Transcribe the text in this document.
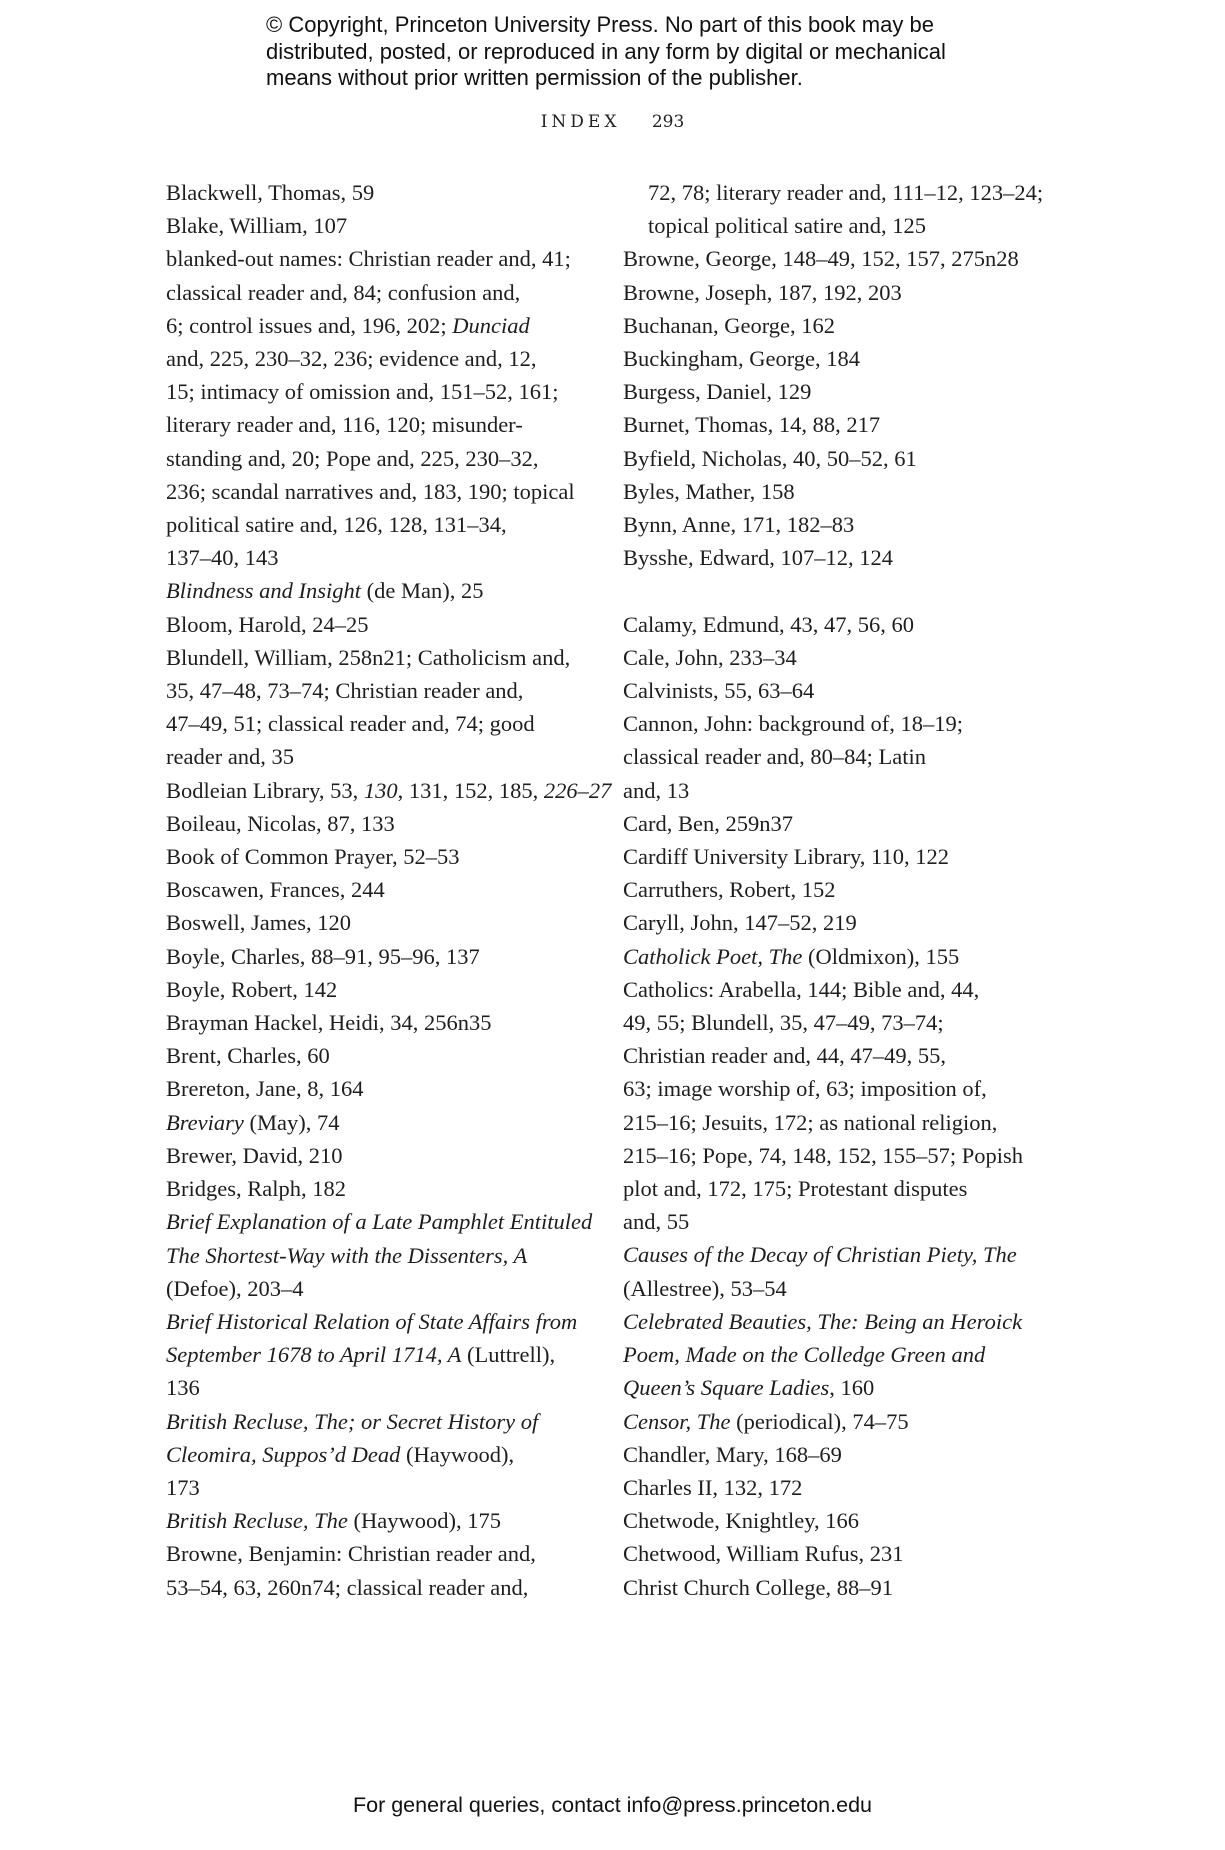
© Copyright, Princeton University Press. No part of this book may be
distributed, posted, or reproduced in any form by digital or mechanical
means without prior written permission of the publisher.
INDEX 293
Blackwell, Thomas, 59
Blake, William, 107
blanked-out names: Christian reader and, 41;
classical reader and, 84; confusion and,
6; control issues and, 196, 202; Dunciad
and, 225, 230–32, 236; evidence and, 12,
15; intimacy of omission and, 151–52, 161;
literary reader and, 116, 120; misunder-
standing and, 20; Pope and, 225, 230–32,
236; scandal narratives and, 183, 190; topical
political satire and, 126, 128, 131–34,
137–40, 143
Blindness and Insight (de Man), 25
Bloom, Harold, 24–25
Blundell, William, 258n21; Catholicism and,
35, 47–48, 73–74; Christian reader and,
47–49, 51; classical reader and, 74; good
reader and, 35
Bodleian Library, 53, 130, 131, 152, 185, 226–27
Boileau, Nicolas, 87, 133
Book of Common Prayer, 52–53
Boscawen, Frances, 244
Boswell, James, 120
Boyle, Charles, 88–91, 95–96, 137
Boyle, Robert, 142
Brayman Hackel, Heidi, 34, 256n35
Brent, Charles, 60
Brereton, Jane, 8, 164
Breviary (May), 74
Brewer, David, 210
Bridges, Ralph, 182
Brief Explanation of a Late Pamphlet Entituled
The Shortest-Way with the Dissenters, A
(Defoe), 203–4
Brief Historical Relation of State Affairs from
September 1678 to April 1714, A (Luttrell),
136
British Recluse, The; or Secret History of
Cleomira, Suppos’d Dead (Haywood),
173
British Recluse, The (Haywood), 175
Browne, Benjamin: Christian reader and,
53–54, 63, 260n74; classical reader and,
72, 78; literary reader and, 111–12, 123–24;
topical political satire and, 125
Browne, George, 148–49, 152, 157, 275n28
Browne, Joseph, 187, 192, 203
Buchanan, George, 162
Buckingham, George, 184
Burgess, Daniel, 129
Burnet, Thomas, 14, 88, 217
Byfield, Nicholas, 40, 50–52, 61
Byles, Mather, 158
Bynn, Anne, 171, 182–83
Bysshe, Edward, 107–12, 124
Calamy, Edmund, 43, 47, 56, 60
Cale, John, 233–34
Calvinists, 55, 63–64
Cannon, John: background of, 18–19;
classical reader and, 80–84; Latin
and, 13
Card, Ben, 259n37
Cardiff University Library, 110, 122
Carruthers, Robert, 152
Caryll, John, 147–52, 219
Catholick Poet, The (Oldmixon), 155
Catholics: Arabella, 144; Bible and, 44,
49, 55; Blundell, 35, 47–49, 73–74;
Christian reader and, 44, 47–49, 55,
63; image worship of, 63; imposition of,
215–16; Jesuits, 172; as national religion,
215–16; Pope, 74, 148, 152, 155–57; Popish
plot and, 172, 175; Protestant disputes
and, 55
Causes of the Decay of Christian Piety, The
(Allestree), 53–54
Celebrated Beauties, The: Being an Heroick
Poem, Made on the Colledge Green and
Queen’s Square Ladies, 160
Censor, The (periodical), 74–75
Chandler, Mary, 168–69
Charles II, 132, 172
Chetwode, Knightley, 166
Chetwood, William Rufus, 231
Christ Church College, 88–91
For general queries, contact info@press.princeton.edu
